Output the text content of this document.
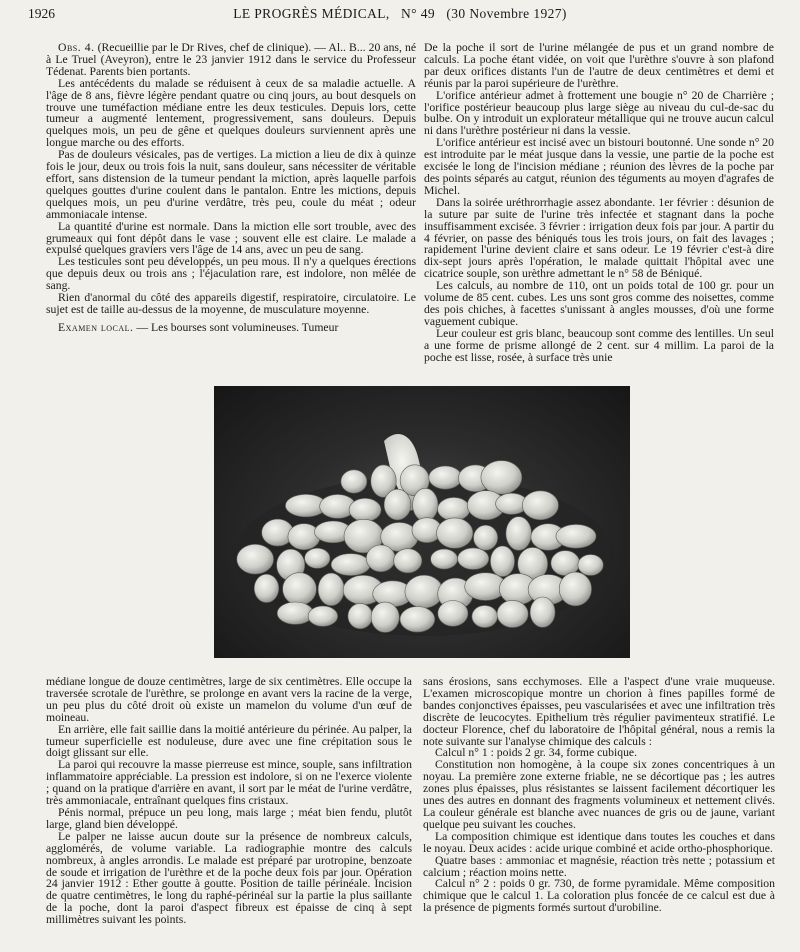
1926	LE PROGRÈS MÉDICAL, N° 49 (30 Novembre 1927)

Obs. 4. (Recueillie par le Dr Rives, chef de clinique). — Al.. B... 20 ans, né à Le Truel (Aveyron), entre le 23 janvier 1912 dans le service du Professeur Tédenat. Parents bien portants.

Les antécédents du malade se réduisent à ceux de sa maladie actuelle. A l'âge de 8 ans, fièvre légère pendant quatre ou cinq jours, au bout desquels on trouve une tuméfaction médiane entre les deux testicules. Depuis lors, cette tumeur a augmenté lentement, progressivement, sans douleurs. Depuis quelques mois, un peu de gêne et quelques douleurs surviennent après une longue marche ou des efforts.

Pas de douleurs vésicales, pas de vertiges. La miction a lieu de dix à quinze fois le jour, deux ou trois fois la nuit, sans douleur, sans nécessiter de véritable effort, sans distension de la tumeur pendant la miction, après laquelle parfois quelques gouttes d'urine coulent dans le pantalon. Entre les mictions, depuis quelques mois, un peu d'urine verdâtre, très peu, coule du méat ; odeur ammoniacale intense.

La quantité d'urine est normale. Dans la miction elle sort trouble, avec des grumeaux qui font dépôt dans le vase ; souvent elle est claire. Le malade a expulsé quelques graviers vers l'âge de 14 ans, avec un peu de sang.

Les testicules sont peu développés, un peu mous. Il n'y a quelques érections que depuis deux ou trois ans ; l'éjaculation rare, est indolore, non mêlée de sang.

Rien d'anormal du côté des appareils digestif, respiratoire, circulatoire. Le sujet est de taille au-dessus de la moyenne, de musculature moyenne.

Examen local. — Les bourses sont volumineuses. Tumeur

De la poche il sort de l'urine mélangée de pus et un grand nombre de calculs. La poche étant vidée, on voit que l'urèthre s'ouvre à son plafond par deux orifices distants l'un de l'autre de deux centimètres et demi et réunis par la paroi supérieure de l'urèthre.

L'orifice antérieur admet à frottement une bougie n° 20 de Charrière ; l'orifice postérieur beaucoup plus large siège au niveau du cul-de-sac du bulbe. On y introduit un explorateur métallique qui ne trouve aucun calcul ni dans l'urèthre postérieur ni dans la vessie.

L'orifice antérieur est incisé avec un bistouri boutonné. Une sonde n° 20 est introduite par le méat jusque dans la vessie, une partie de la poche est excisée le long de l'incision médiane ; réunion des lèvres de la poche par des points séparés au catgut, réunion des téguments au moyen d'agrafes de Michel.

Dans la soirée uréthrorrhagie assez abondante. 1er février : désunion de la suture par suite de l'urine très infectée et stagnant dans la poche insuffisamment excisée. 3 février : irrigation deux fois par jour. A partir du 4 février, on passe des béniqués tous les trois jours, on fait des lavages ; rapidement l'urine devient claire et sans odeur. Le 19 février c'est-à dire dix-sept jours après l'opération, le malade quittait l'hôpital avec une cicatrice souple, son urèthre admettant le n° 58 de Béniqué.

Les calculs, au nombre de 110, ont un poids total de 100 gr. pour un volume de 85 cent. cubes. Les uns sont gros comme des noisettes, comme des pois chiches, à facettes s'unissant à angles mousses, d'où une forme vaguement cubique.

Leur couleur est gris blanc, beaucoup sont comme des lentilles. Un seul a une forme de prisme allongé de 2 cent. sur 4 millim. La paroi de la poche est lisse, rosée, à surface très unie

médiane longue de douze centimètres, large de six centimètres. Elle occupe la traversée scrotale de l'urèthre, se prolonge en avant vers la racine de la verge, un peu plus du côté droit où existe un mamelon du volume d'un œuf de moineau.

En arrière, elle fait saillie dans la moitié antérieure du périnée. Au palper, la tumeur superficielle est noduleuse, dure avec une fine crépitation sous le doigt glissant sur elle.

La paroi qui recouvre la masse pierreuse est mince, souple, sans infiltration inflammatoire appréciable. La pression est indolore, si on ne l'exerce violente ; quand on la pratique d'arrière en avant, il sort par le méat de l'urine verdâtre, très ammoniacale, entraînant quelques fins cristaux.

Pénis normal, prépuce un peu long, mais large ; méat bien fendu, plutôt large, gland bien développé.

Le palper ne laisse aucun doute sur la présence de nombreux calculs, agglomérés, de volume variable. La radiographie montre des calculs nombreux, à angles arrondis. Le malade est préparé par urotropine, benzoate de soude et irrigation de l'urèthre et de la poche deux fois par jour. Opération 24 janvier 1912 : Ether goutte à goutte. Position de taille périnéale. Incision de quatre centimètres, le long du raphé-périnéal sur la partie la plus saillante de la poche, dont la paroi d'aspect fibreux est épaisse de cinq à sept millimètres suivant les points.

sans érosions, sans ecchymoses. Elle a l'aspect d'une vraie muqueuse. L'examen microscopique montre un chorion à fines papilles formé de bandes conjonctives épaisses, peu vascularisées et avec une infiltration très discrète de leucocytes. Epithelium très régulier pavimenteux stratifié. Le docteur Florence, chef du laboratoire de l'hôpital général, nous a remis la note suivante sur l'analyse chimique des calculs :

Calcul n° 1 : poids 2 gr. 34, forme cubique.

Constitution non homogène, à la coupe six zones concentriques à un noyau. La première zone externe friable, ne se décortique pas ; les autres zones plus épaisses, plus résistantes se laissent facilement décortiquer les unes des autres en donnant des fragments volumineux et nettement clivés. La couleur générale est blanche avec nuances de gris ou de jaune, variant quelque peu suivant les couches.

La composition chimique est identique dans toutes les couches et dans le noyau. Deux acides : acide urique combiné et acide ortho-phosphorique.

Quatre bases : ammoniac et magnésie, réaction très nette ; potassium et calcium ; réaction moins nette.

Calcul n° 2 : poids 0 gr. 730, de forme pyramidale. Même composition chimique que le calcul 1. La coloration plus foncée de ce calcul est due à la présence de pigments formés surtout d'urobiline.
